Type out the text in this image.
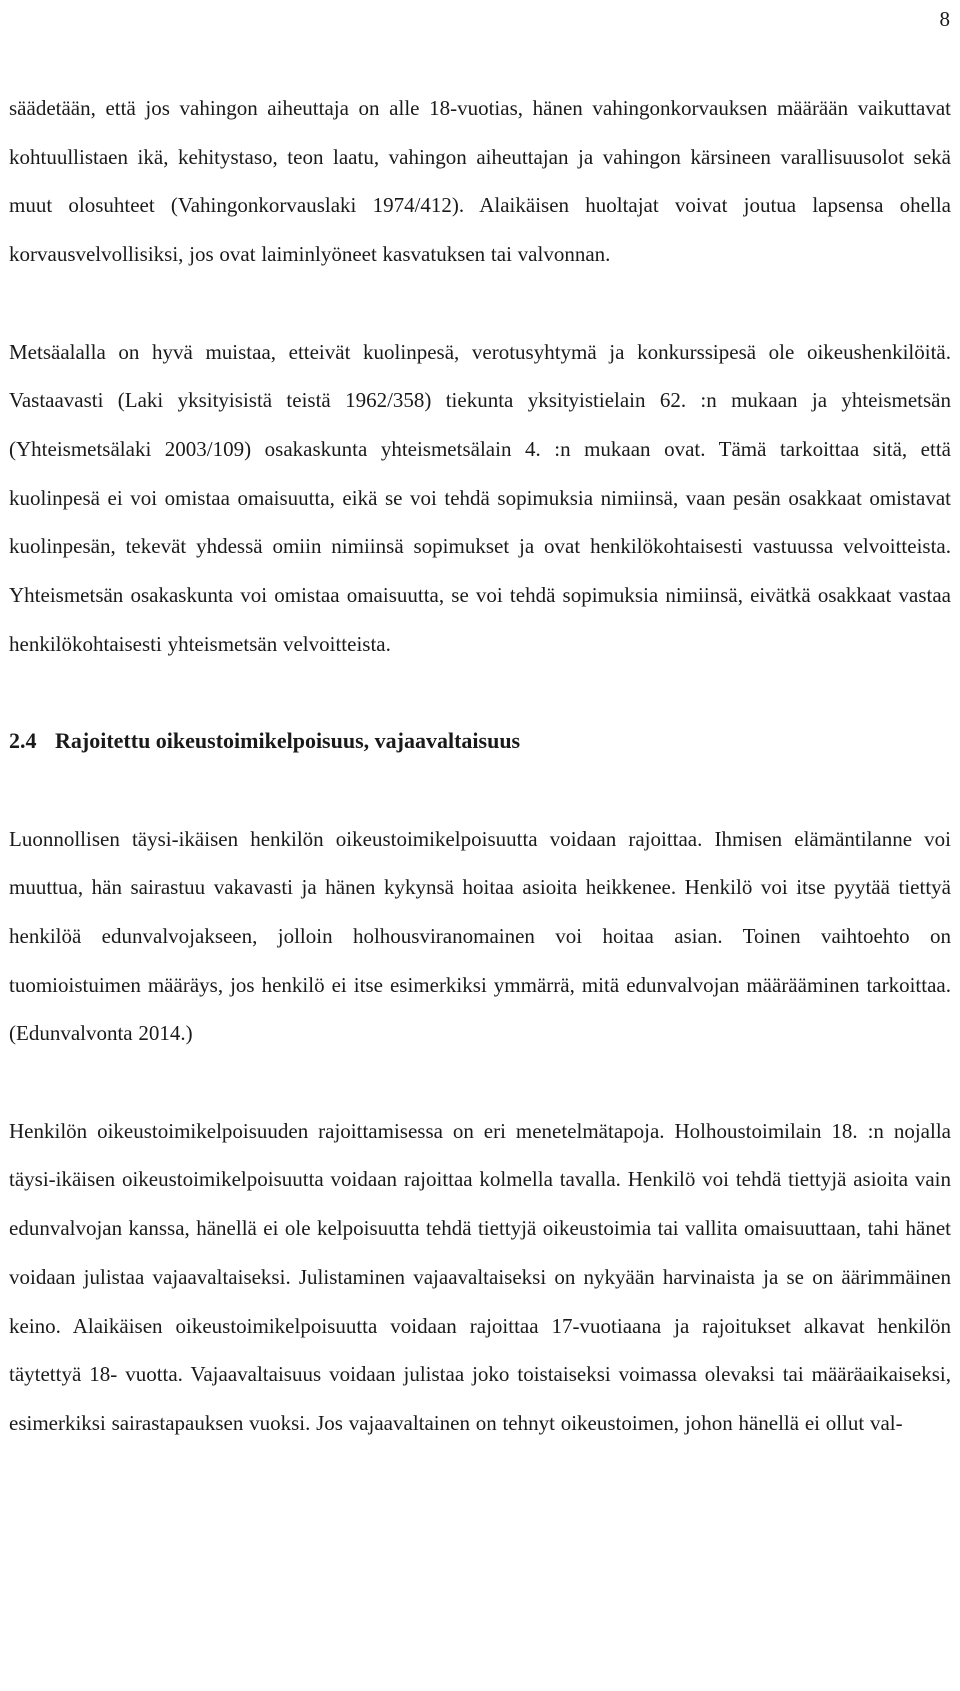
8

säädetään, että jos vahingon aiheuttaja on alle 18-vuotias, hänen vahingonkorvauksen määrään vaikuttavat kohtuullistaen ikä, kehitystaso, teon laatu, vahingon aiheuttajan ja vahingon kärsineen varallisuusolot sekä muut olosuhteet (Vahingonkorvauslaki 1974/412). Alaikäisen huoltajat voivat joutua lapsensa ohella korvausvelvollisiksi, jos ovat laiminlyöneet kasvatuksen tai valvonnan.

Metsäalalla on hyvä muistaa, etteivät kuolinpesä, verotusyhtymä ja konkurssipesä ole oikeushenkilöitä. Vastaavasti (Laki yksityisistä teistä 1962/358) tiekunta yksityistielain 62. :n mukaan ja yhteismetsän (Yhteismetsälaki 2003/109) osakaskunta yhteismetsälain 4. :n mukaan ovat. Tämä tarkoittaa sitä, että kuolinpesä ei voi omistaa omaisuutta, eikä se voi tehdä sopimuksia nimiinsä, vaan pesän osakkaat omistavat kuolinpesän, tekevät yhdessä omiin nimiinsä sopimukset ja ovat henkilökohtaisesti vastuussa velvoitteista. Yhteismetsän osakaskunta voi omistaa omaisuutta, se voi tehdä sopimuksia nimiinsä, eivätkä osakkaat vastaa henkilökohtaisesti yhteismetsän velvoitteista.

2.4 Rajoitettu oikeustoimikelpoisuus, vajaavaltaisuus

Luonnollisen täysi-ikäisen henkilön oikeustoimikelpoisuutta voidaan rajoittaa. Ihmisen elämäntilanne voi muuttua, hän sairastuu vakavasti ja hänen kykynsä hoitaa asioita heikkenee. Henkilö voi itse pyytää tiettyä henkilöä edunvalvojakseen, jolloin holhousviranomainen voi hoitaa asian. Toinen vaihtoehto on tuomioistuimen määräys, jos henkilö ei itse esimerkiksi ymmärrä, mitä edunvalvojan määrääminen tarkoittaa. (Edunvalvonta 2014.)

Henkilön oikeustoimikelpoisuuden rajoittamisessa on eri menetelmätapoja. Holhoustoimilain 18. :n nojalla täysi-ikäisen oikeustoimikelpoisuutta voidaan rajoittaa kolmella tavalla. Henkilö voi tehdä tiettyjä asioita vain edunvalvojan kanssa, hänellä ei ole kelpoisuutta tehdä tiettyjä oikeustoimia tai vallita omaisuuttaan, tahi hänet voidaan julistaa vajaavaltaiseksi. Julistaminen vajaavaltaiseksi on nykyään harvinaista ja se on äärimmäinen keino. Alaikäisen oikeustoimikelpoisuutta voidaan rajoittaa 17-vuotiaana ja rajoitukset alkavat henkilön täytettyä 18- vuotta. Vajaavaltaisuus voidaan julistaa joko toistaiseksi voimassa olevaksi tai määräaikaiseksi, esimerkiksi sairastapauksen vuoksi. Jos vajaavaltainen on tehnyt oikeustoimen, johon hänellä ei ollut val-
